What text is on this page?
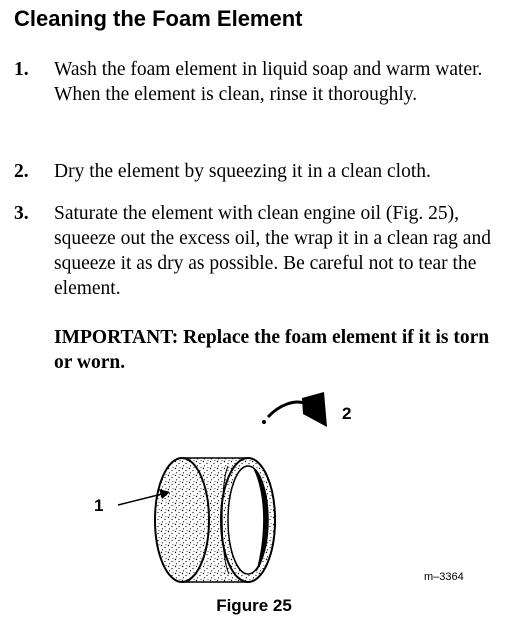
Cleaning the Foam Element
1. Wash the foam element in liquid soap and warm water. When the element is clean, rinse it thoroughly.
2. Dry the element by squeezing it in a clean cloth.
3. Saturate the element with clean engine oil (Fig. 25), squeeze out the excess oil, the wrap it in a clean rag and squeeze it as dry as possible. Be careful not to tear the element.
IMPORTANT: Replace the foam element if it is torn or worn.
1
2
m–3364
Figure 25
